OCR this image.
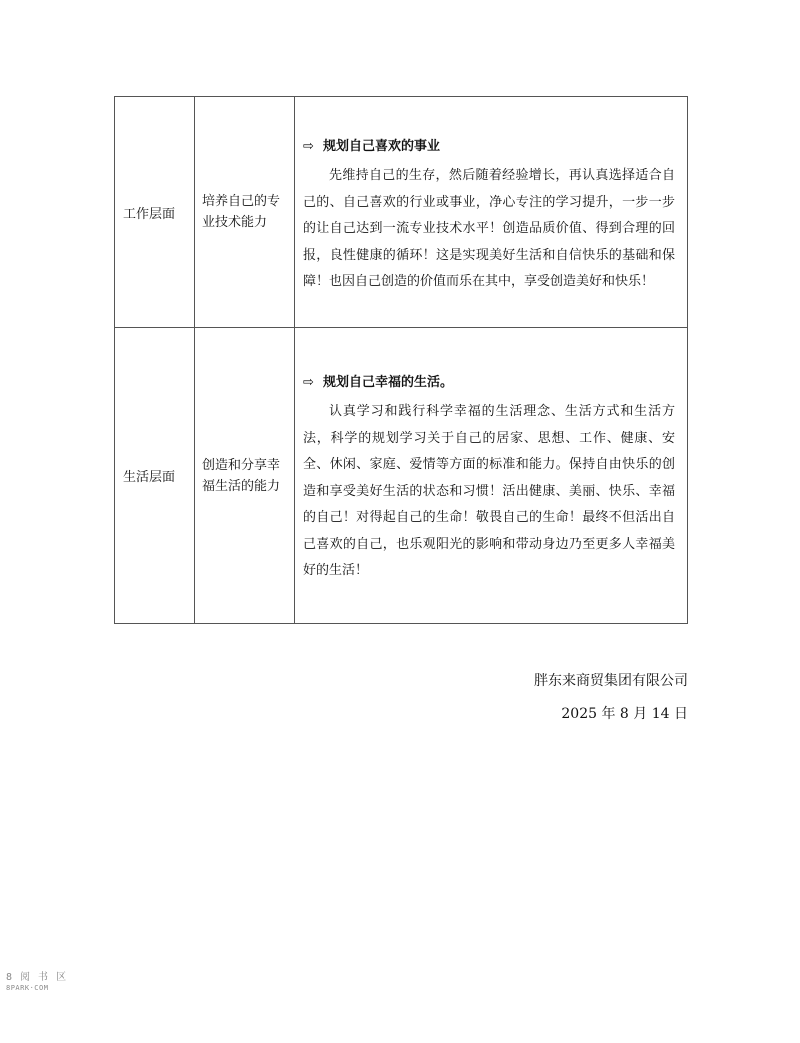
工作层面	培养自己的专业技术能力	⇨ 规划自己喜欢的事业

先维持自己的生存，然后随着经验增长，再认真选择适合自己的、自己喜欢的行业或事业，净心专注的学习提升，一步一步的让自己达到一流专业技术水平！创造品质价值、得到合理的回报，良性健康的循环！这是实现美好生活和自信快乐的基础和保障！也因自己创造的价值而乐在其中，享受创造美好和快乐！

生活层面	创造和分享幸福生活的能力	⇨ 规划自己幸福的生活。

认真学习和践行科学幸福的生活理念、生活方式和生活方法，科学的规划学习关于自己的居家、思想、工作、健康、安全、休闲、家庭、爱情等方面的标准和能力。保持自由快乐的创造和享受美好生活的状态和习惯！活出健康、美丽、快乐、幸福的自己！对得起自己的生命！敬畏自己的生命！最终不但活出自己喜欢的自己，也乐观阳光的影响和带动身边乃至更多人幸福美好的生活！

胖东来商贸集团有限公司
2025 年 8 月 14 日
8 阅 书 区
8PARK·COM
